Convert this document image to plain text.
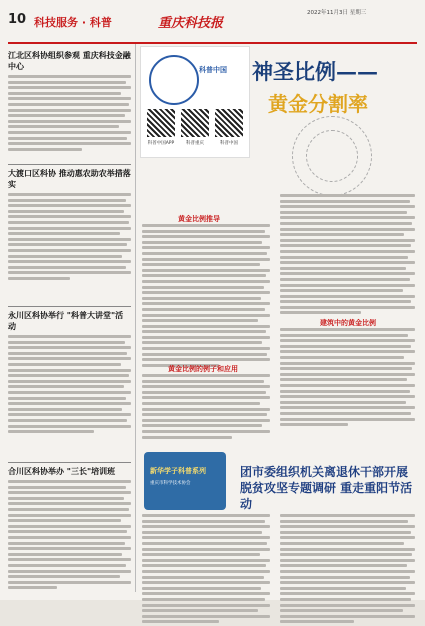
10 科技服务 · 科普	重庆科技报
2022年11月3日 星期三
江北区科协组织参观 重庆科技金融中心
大渡口区科协 推动惠农助农举措落实
永川区科协举行 "科普大讲堂"活动
合川区科协举办 "三长"培训班
科普中国
科普中国APP	科普重庆	科普中国
神圣比例——
黄金分割率
黄金比例推导
黄金比例的例子和应用
建筑中的黄金比例
新华学子科普系列
重庆市科学技术协会
团市委组织机关离退休干部开展
脱贫攻坚专题调研 重走重阳节活动
